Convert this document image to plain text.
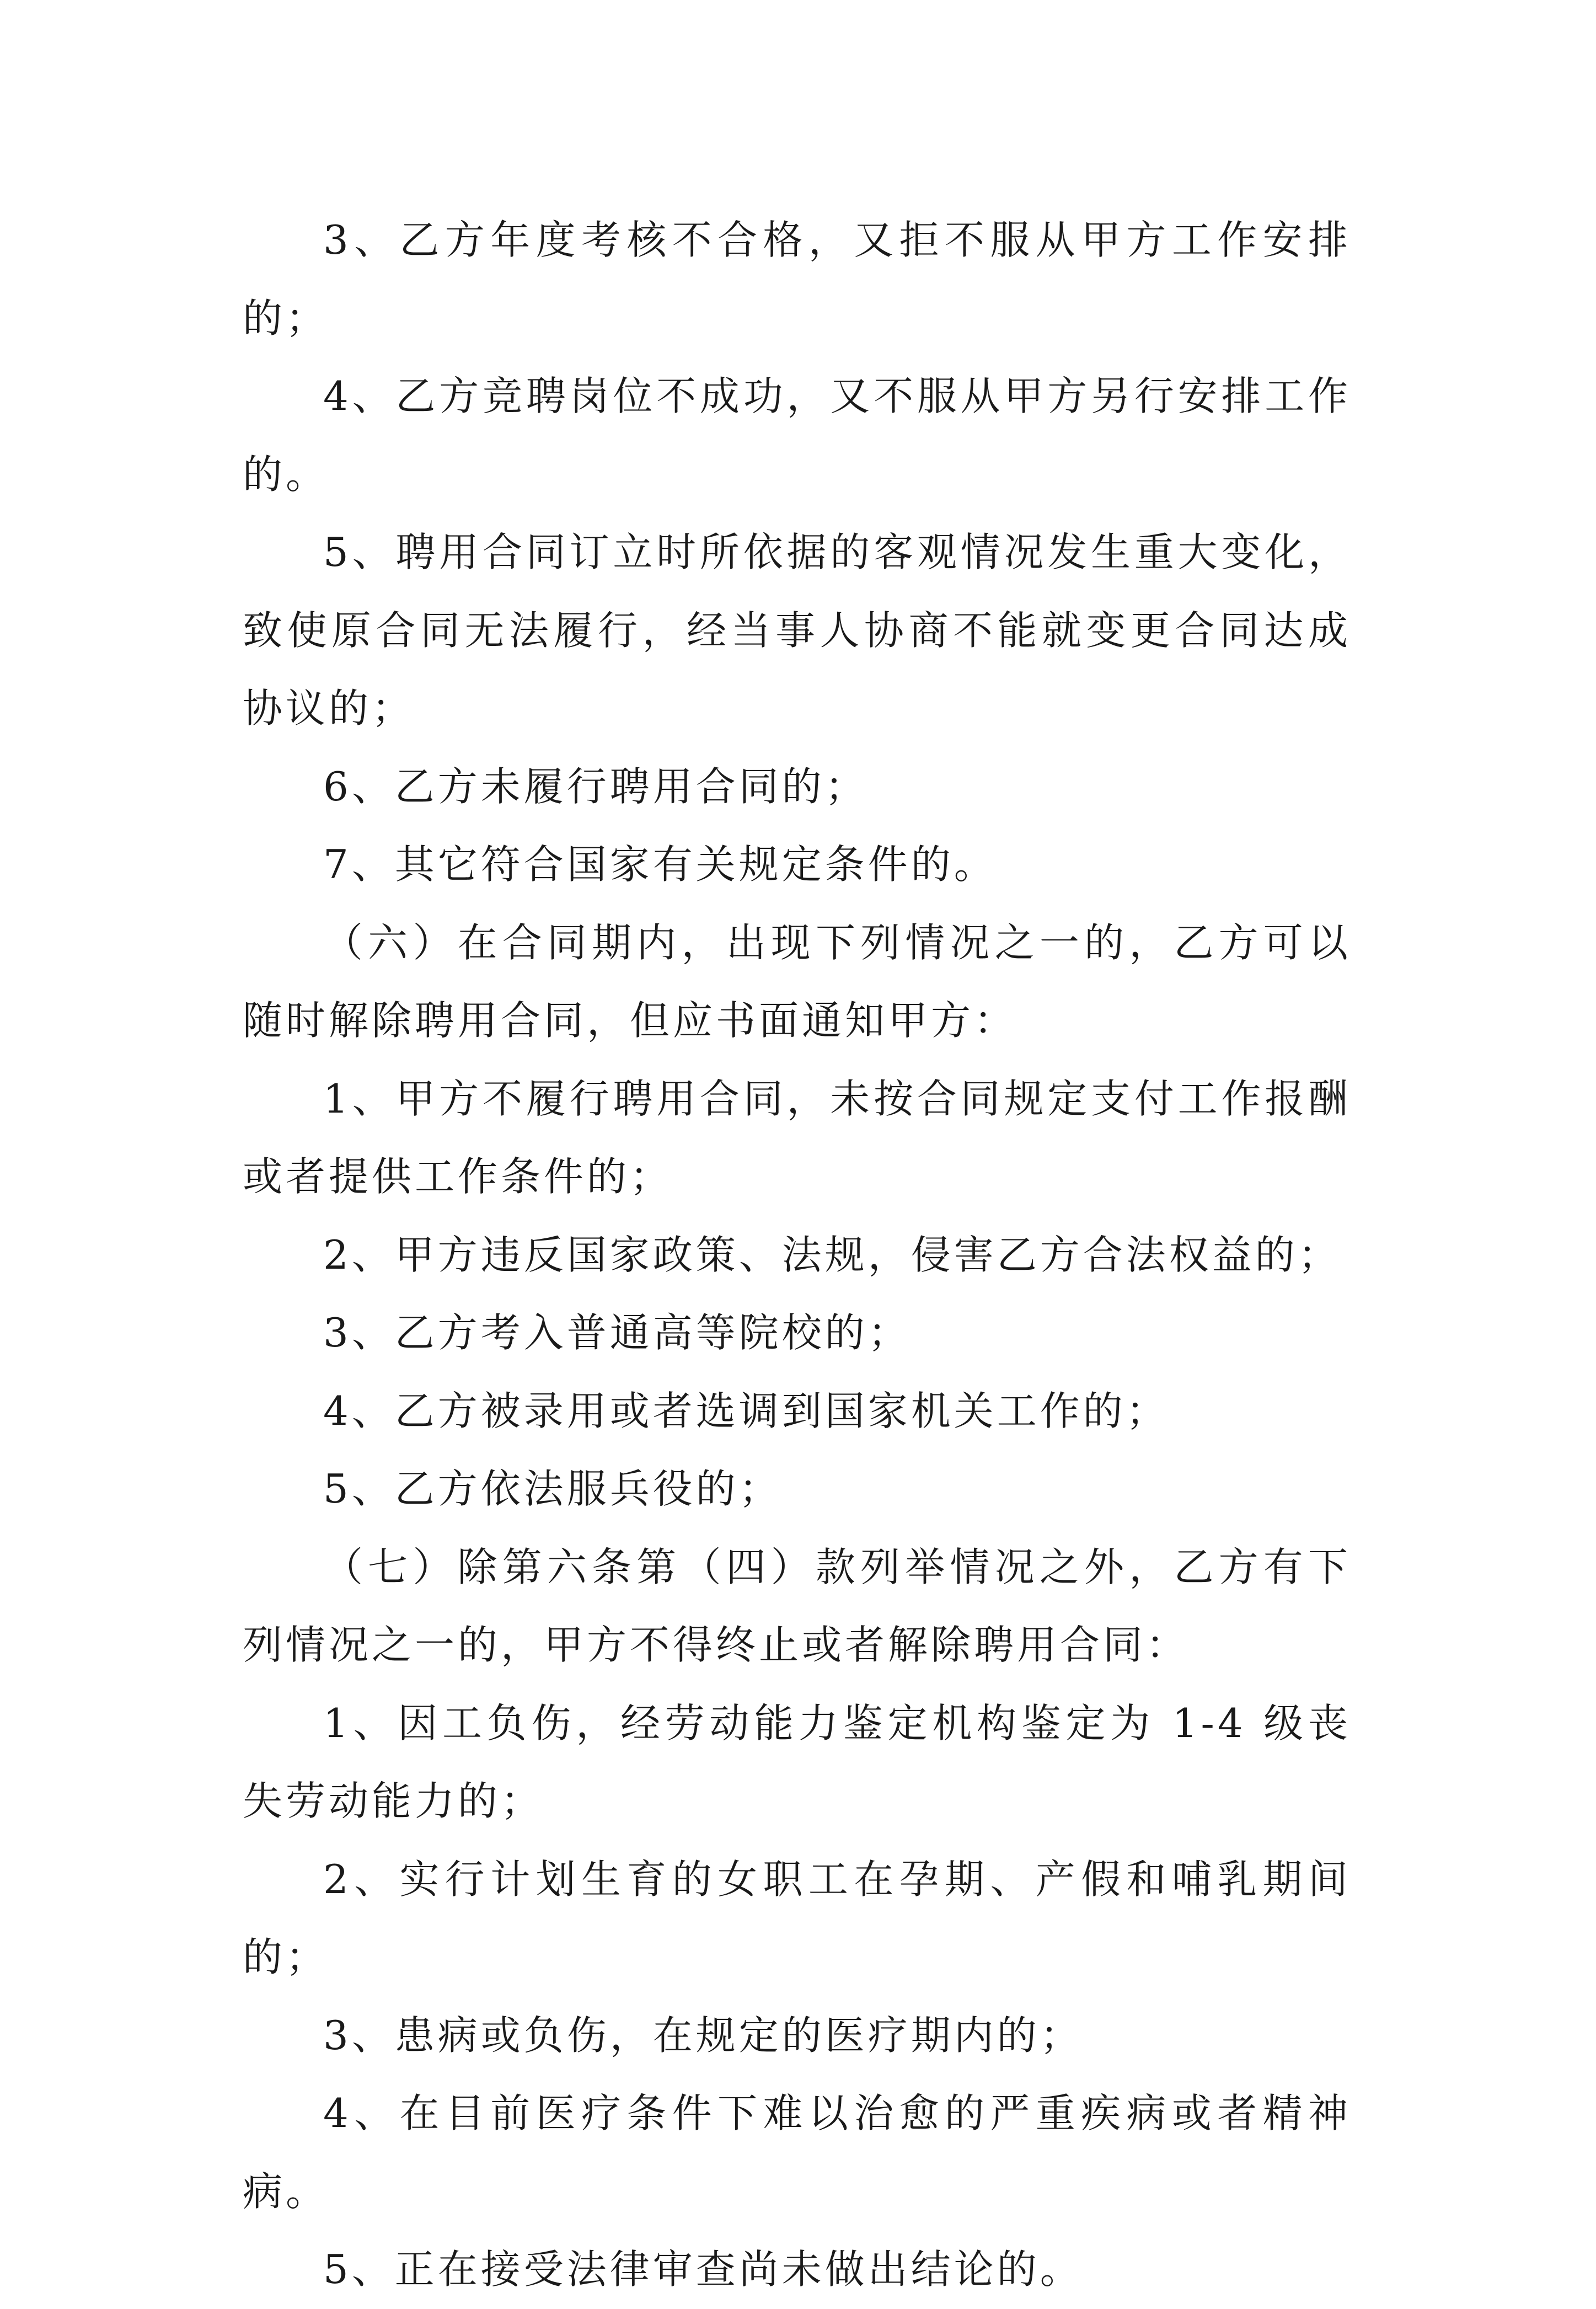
3、乙方年度考核不合格，又拒不服从甲方工作安排的；

4、乙方竞聘岗位不成功，又不服从甲方另行安排工作的。

5、聘用合同订立时所依据的客观情况发生重大变化，致使原合同无法履行，经当事人协商不能就变更合同达成协议的；

6、乙方未履行聘用合同的；

7、其它符合国家有关规定条件的。

（六）在合同期内，出现下列情况之一的，乙方可以随时解除聘用合同，但应书面通知甲方：

1、甲方不履行聘用合同，未按合同规定支付工作报酬或者提供工作条件的；

2、甲方违反国家政策、法规，侵害乙方合法权益的；

3、乙方考入普通高等院校的；

4、乙方被录用或者选调到国家机关工作的；

5、乙方依法服兵役的；

（七）除第六条第（四）款列举情况之外，乙方有下列情况之一的，甲方不得终止或者解除聘用合同：

1、因工负伤，经劳动能力鉴定机构鉴定为 1-4 级丧失劳动能力的；

2、实行计划生育的女职工在孕期、产假和哺乳期间的；

3、患病或负伤，在规定的医疗期内的；

4、在目前医疗条件下难以治愈的严重疾病或者精神病。

5、正在接受法律审查尚未做出结论的。
